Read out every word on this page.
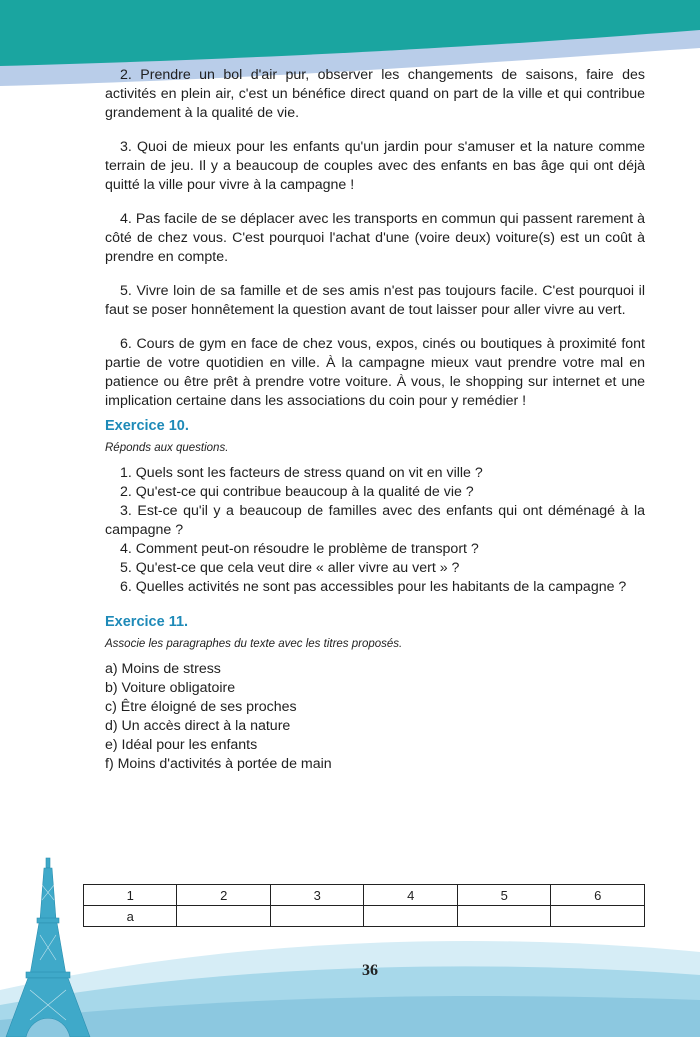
2. Prendre un bol d'air pur, observer les changements de saisons, faire des activités en plein air, c'est un bénéfice direct quand on part de la ville et qui contribue grandement à la qualité de vie.

3. Quoi de mieux pour les enfants qu'un jardin pour s'amuser et la nature comme terrain de jeu. Il y a beaucoup de couples avec des enfants en bas âge qui ont déjà quitté la ville pour vivre à la campagne !

4. Pas facile de se déplacer avec les transports en commun qui passent rarement à côté de chez vous. C'est pourquoi l'achat d'une (voire deux) voiture(s) est un coût à prendre en compte.

5. Vivre loin de sa famille et de ses amis n'est pas toujours facile. C'est pourquoi il faut se poser honnêtement la question avant de tout laisser pour aller vivre au vert.

6. Cours de gym en face de chez vous, expos, cinés ou boutiques à proximité font partie de votre quotidien en ville. À la campagne mieux vaut prendre votre mal en patience ou être prêt à prendre votre voiture. À vous, le shopping sur internet et une implication certaine dans les associations du coin pour y remédier !

Exercice 10.
Réponds aux questions.

1. Quels sont les facteurs de stress quand on vit en ville ?

2. Qu'est-ce qui contribue beaucoup à la qualité de vie ?

3. Est-ce qu'il y a beaucoup de familles avec des enfants qui ont déménagé à la campagne ?

4. Comment peut-on résoudre le problème de transport ?

5. Qu'est-ce que cela veut dire « aller vivre au vert » ?

6. Quelles activités ne sont pas accessibles pour les habitants de la campagne ?

Exercice 11.
Associe les paragraphes du texte avec les titres proposés.

a) Moins de stress

b) Voiture obligatoire

c) Être éloigné de ses proches

d) Un accès direct à la nature

e) Idéal pour les enfants

f) Moins d'activités à portée de main

1	2	3	4	5	6
a					
36
